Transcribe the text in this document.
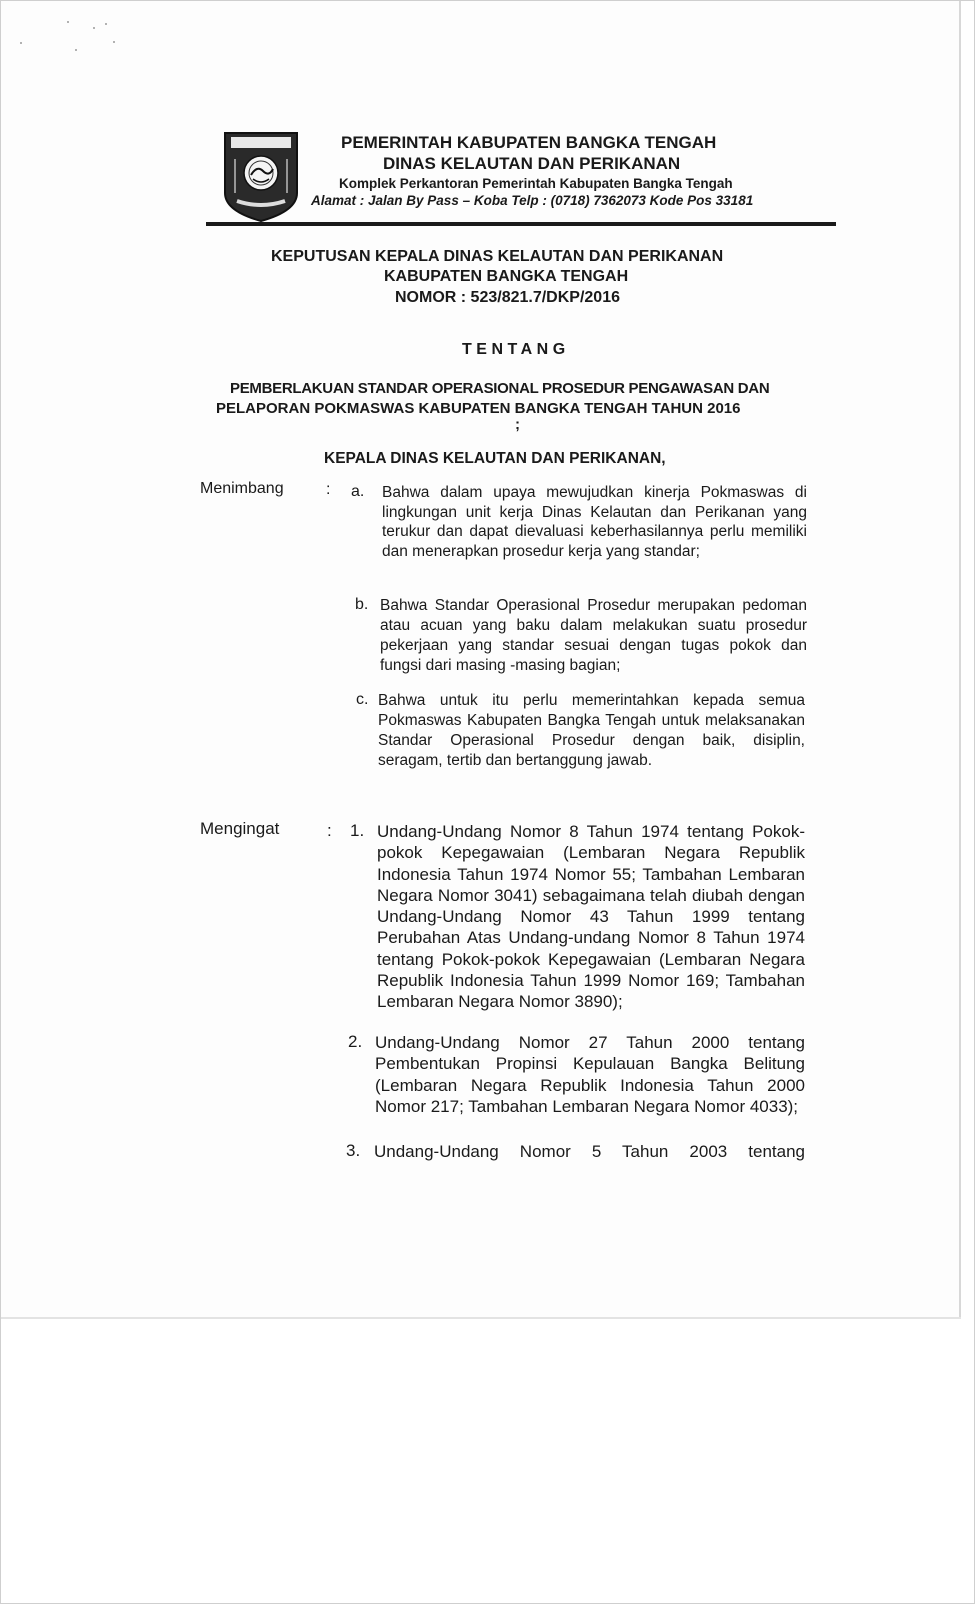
PEMERINTAH KABUPATEN BANGKA TENGAH
DINAS KELAUTAN DAN PERIKANAN
Komplek Perkantoran Pemerintah Kabupaten Bangka Tengah
Alamat : Jalan By Pass – Koba Telp : (0718) 7362073 Kode Pos 33181
KEPUTUSAN KEPALA DINAS KELAUTAN DAN PERIKANAN
KABUPATEN BANGKA TENGAH
NOMOR : 523/821.7/DKP/2016
TENTANG
PEMBERLAKUAN STANDAR OPERASIONAL PROSEDUR PENGAWASAN DAN
PELAPORAN POKMASWAS KABUPATEN BANGKA TENGAH TAHUN 2016
;
KEPALA DINAS KELAUTAN DAN PERIKANAN,
Menimbang	: a. Bahwa dalam upaya mewujudkan kinerja Pokmaswas di lingkungan unit kerja Dinas Kelautan dan Perikanan yang terukur dan dapat dievaluasi keberhasilannya perlu memiliki dan menerapkan prosedur kerja yang standar;
b. Bahwa Standar Operasional Prosedur merupakan pedoman atau acuan yang baku dalam melakukan suatu prosedur pekerjaan yang standar sesuai dengan tugas pokok dan fungsi dari masing -masing bagian;
c. Bahwa untuk itu perlu memerintahkan kepada semua Pokmaswas Kabupaten Bangka Tengah untuk melaksanakan Standar Operasional Prosedur dengan baik, disiplin, seragam, tertib dan bertanggung jawab.
Mengingat	: 1. Undang-Undang Nomor 8 Tahun 1974 tentang Pokok-pokok Kepegawaian (Lembaran Negara Republik Indonesia Tahun 1974 Nomor 55; Tambahan Lembaran Negara Nomor 3041) sebagaimana telah diubah dengan Undang-Undang Nomor 43 Tahun 1999 tentang Perubahan Atas Undang-undang Nomor 8 Tahun 1974 tentang Pokok-pokok Kepegawaian (Lembaran Negara Republik Indonesia Tahun 1999 Nomor 169; Tambahan Lembaran Negara Nomor 3890);
2. Undang-Undang Nomor 27 Tahun 2000 tentang Pembentukan Propinsi Kepulauan Bangka Belitung (Lembaran Negara Republik Indonesia Tahun 2000 Nomor 217; Tambahan Lembaran Negara Nomor 4033);
3. Undang-Undang Nomor 5 Tahun 2003 tentang
